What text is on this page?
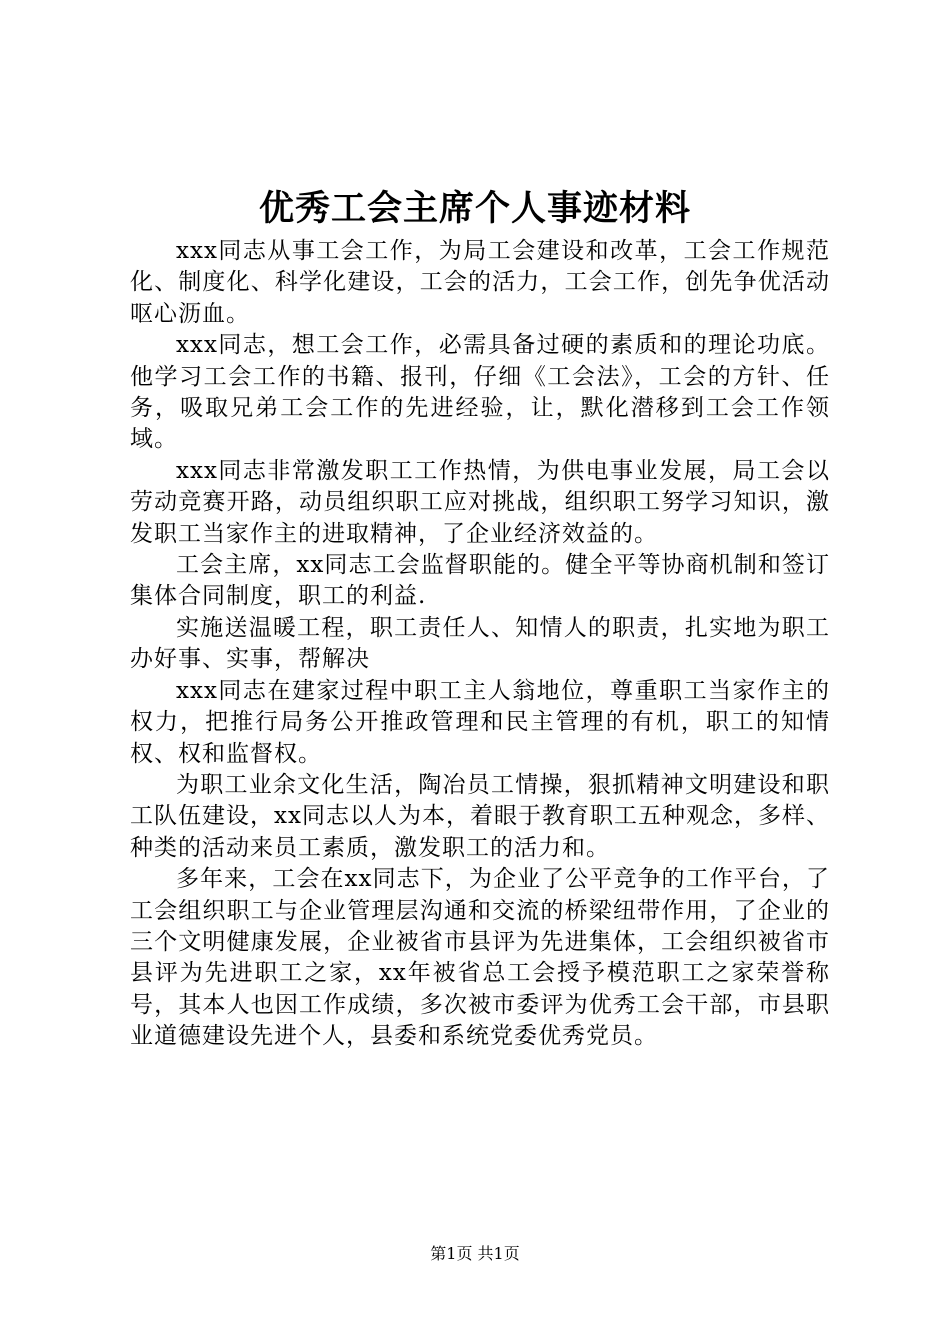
优秀工会主席个人事迹材料

xxx同志从事工会工作，为局工会建设和改革，工会工作规范化、制度化、科学化建设，工会的活力，工会工作，创先争优活动呕心沥血。

xxx同志，想工会工作，必需具备过硬的素质和的理论功底。他学习工会工作的书籍、报刊，仔细《工会法》，工会的方针、任务，吸取兄弟工会工作的先进经验，让，默化潜移到工会工作领域。

xxx同志非常激发职工工作热情，为供电事业发展，局工会以劳动竞赛开路，动员组织职工应对挑战，组织职工努学习知识，激发职工当家作主的进取精神，了企业经济效益的。

工会主席，xx同志工会监督职能的。健全平等协商机制和签订集体合同制度，职工的利益.

实施送温暖工程，职工责任人、知情人的职责，扎实地为职工办好事、实事，帮解决

xxx同志在建家过程中职工主人翁地位，尊重职工当家作主的权力，把推行局务公开推政管理和民主管理的有机，职工的知情权、权和监督权。

为职工业余文化生活，陶冶员工情操，狠抓精神文明建设和职工队伍建设，xx同志以人为本，着眼于教育职工五种观念，多样、种类的活动来员工素质，激发职工的活力和。

多年来，工会在xx同志下，为企业了公平竞争的工作平台，了工会组织职工与企业管理层沟通和交流的桥梁纽带作用，了企业的三个文明健康发展，企业被省市县评为先进集体，工会组织被省市县评为先进职工之家，xx年被省总工会授予模范职工之家荣誉称号，其本人也因工作成绩，多次被市委评为优秀工会干部，市县职业道德建设先进个人，县委和系统党委优秀党员。

第1页 共1页
